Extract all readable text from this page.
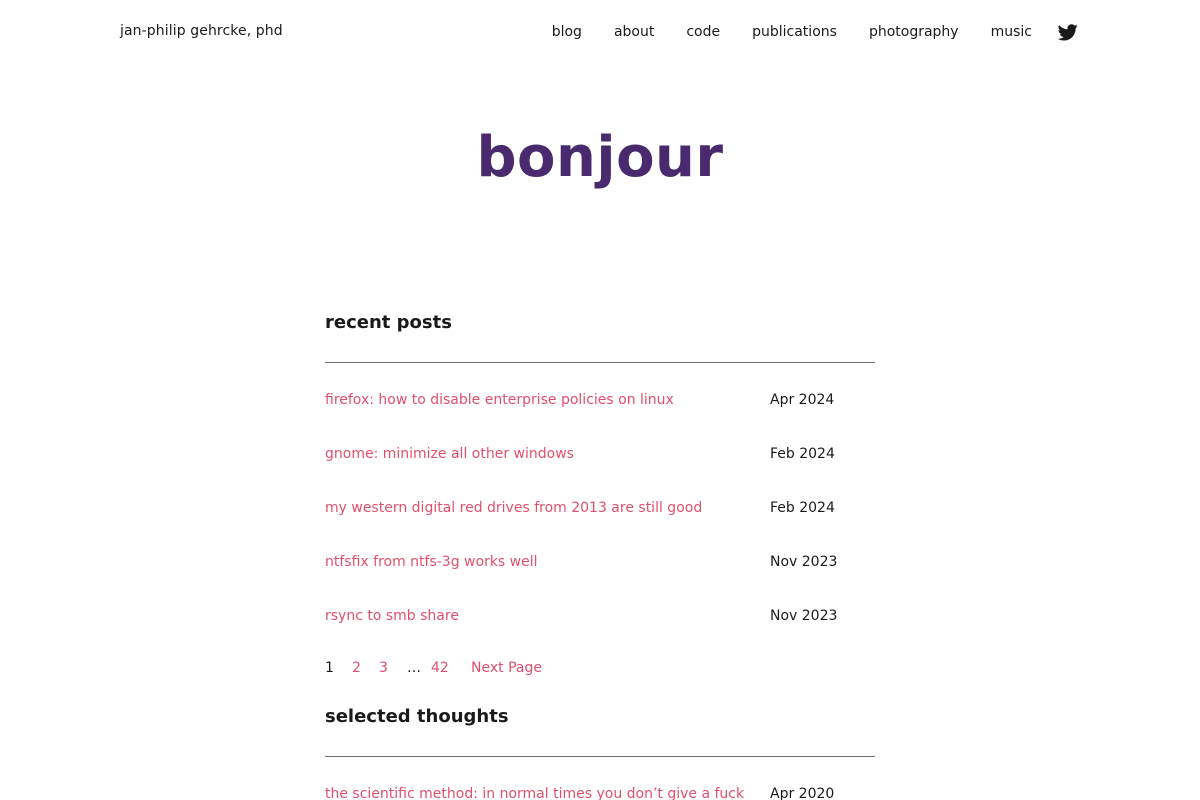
jan-philip gehrcke, phd	blog about code publications photography music
bonjour
recent posts
firefox: how to disable enterprise policies on linux	Apr 2024
gnome: minimize all other windows	Feb 2024
my western digital red drives from 2013 are still good	Feb 2024
ntfsfix from ntfs-3g works well	Nov 2023
rsync to smb share	Nov 2023
1	2	3	… 42	Next Page
selected thoughts
the scientific method: in normal times you don’t give a fuck Apr 2020
